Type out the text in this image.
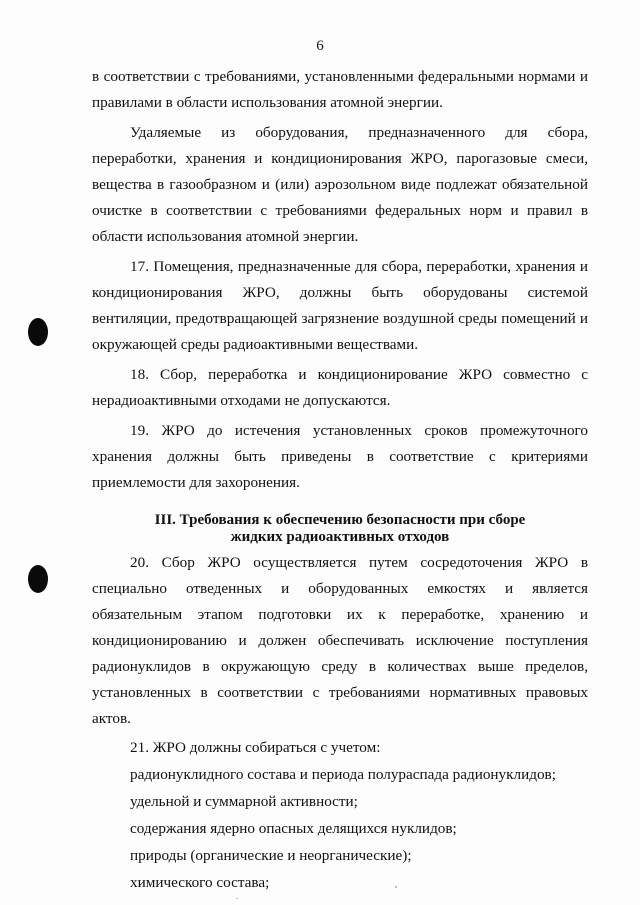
6

в соответствии с требованиями, установленными федеральными нормами и правилами в области использования атомной энергии.

Удаляемые из оборудования, предназначенного для сбора, переработки, хранения и кондиционирования ЖРО, парогазовые смеси, вещества в газообразном и (или) аэрозольном виде подлежат обязательной очистке в соответствии с требованиями федеральных норм и правил в области использования атомной энергии.

17. Помещения, предназначенные для сбора, переработки, хранения и кондиционирования ЖРО, должны быть оборудованы системой вентиляции, предотвращающей загрязнение воздушной среды помещений и окружающей среды радиоактивными веществами.

18. Сбор, переработка и кондиционирование ЖРО совместно с нерадиоактивными отходами не допускаются.

19. ЖРО до истечения установленных сроков промежуточного хранения должны быть приведены в соответствие с критериями приемлемости для захоронения.

III. Требования к обеспечению безопасности при сборе
жидких радиоактивных отходов

20. Сбор ЖРО осуществляется путем сосредоточения ЖРО в специально отведенных и оборудованных емкостях и является обязательным этапом подготовки их к переработке, хранению и кондиционированию и должен обеспечивать исключение поступления радионуклидов в окружающую среду в количествах выше пределов, установленных в соответствии с требованиями нормативных правовых актов.

21. ЖРО должны собираться с учетом:

радионуклидного состава и периода полураспада радионуклидов;

удельной и суммарной активности;

содержания ядерно опасных делящихся нуклидов;

природы (органические и неорганические);

химического состава;
